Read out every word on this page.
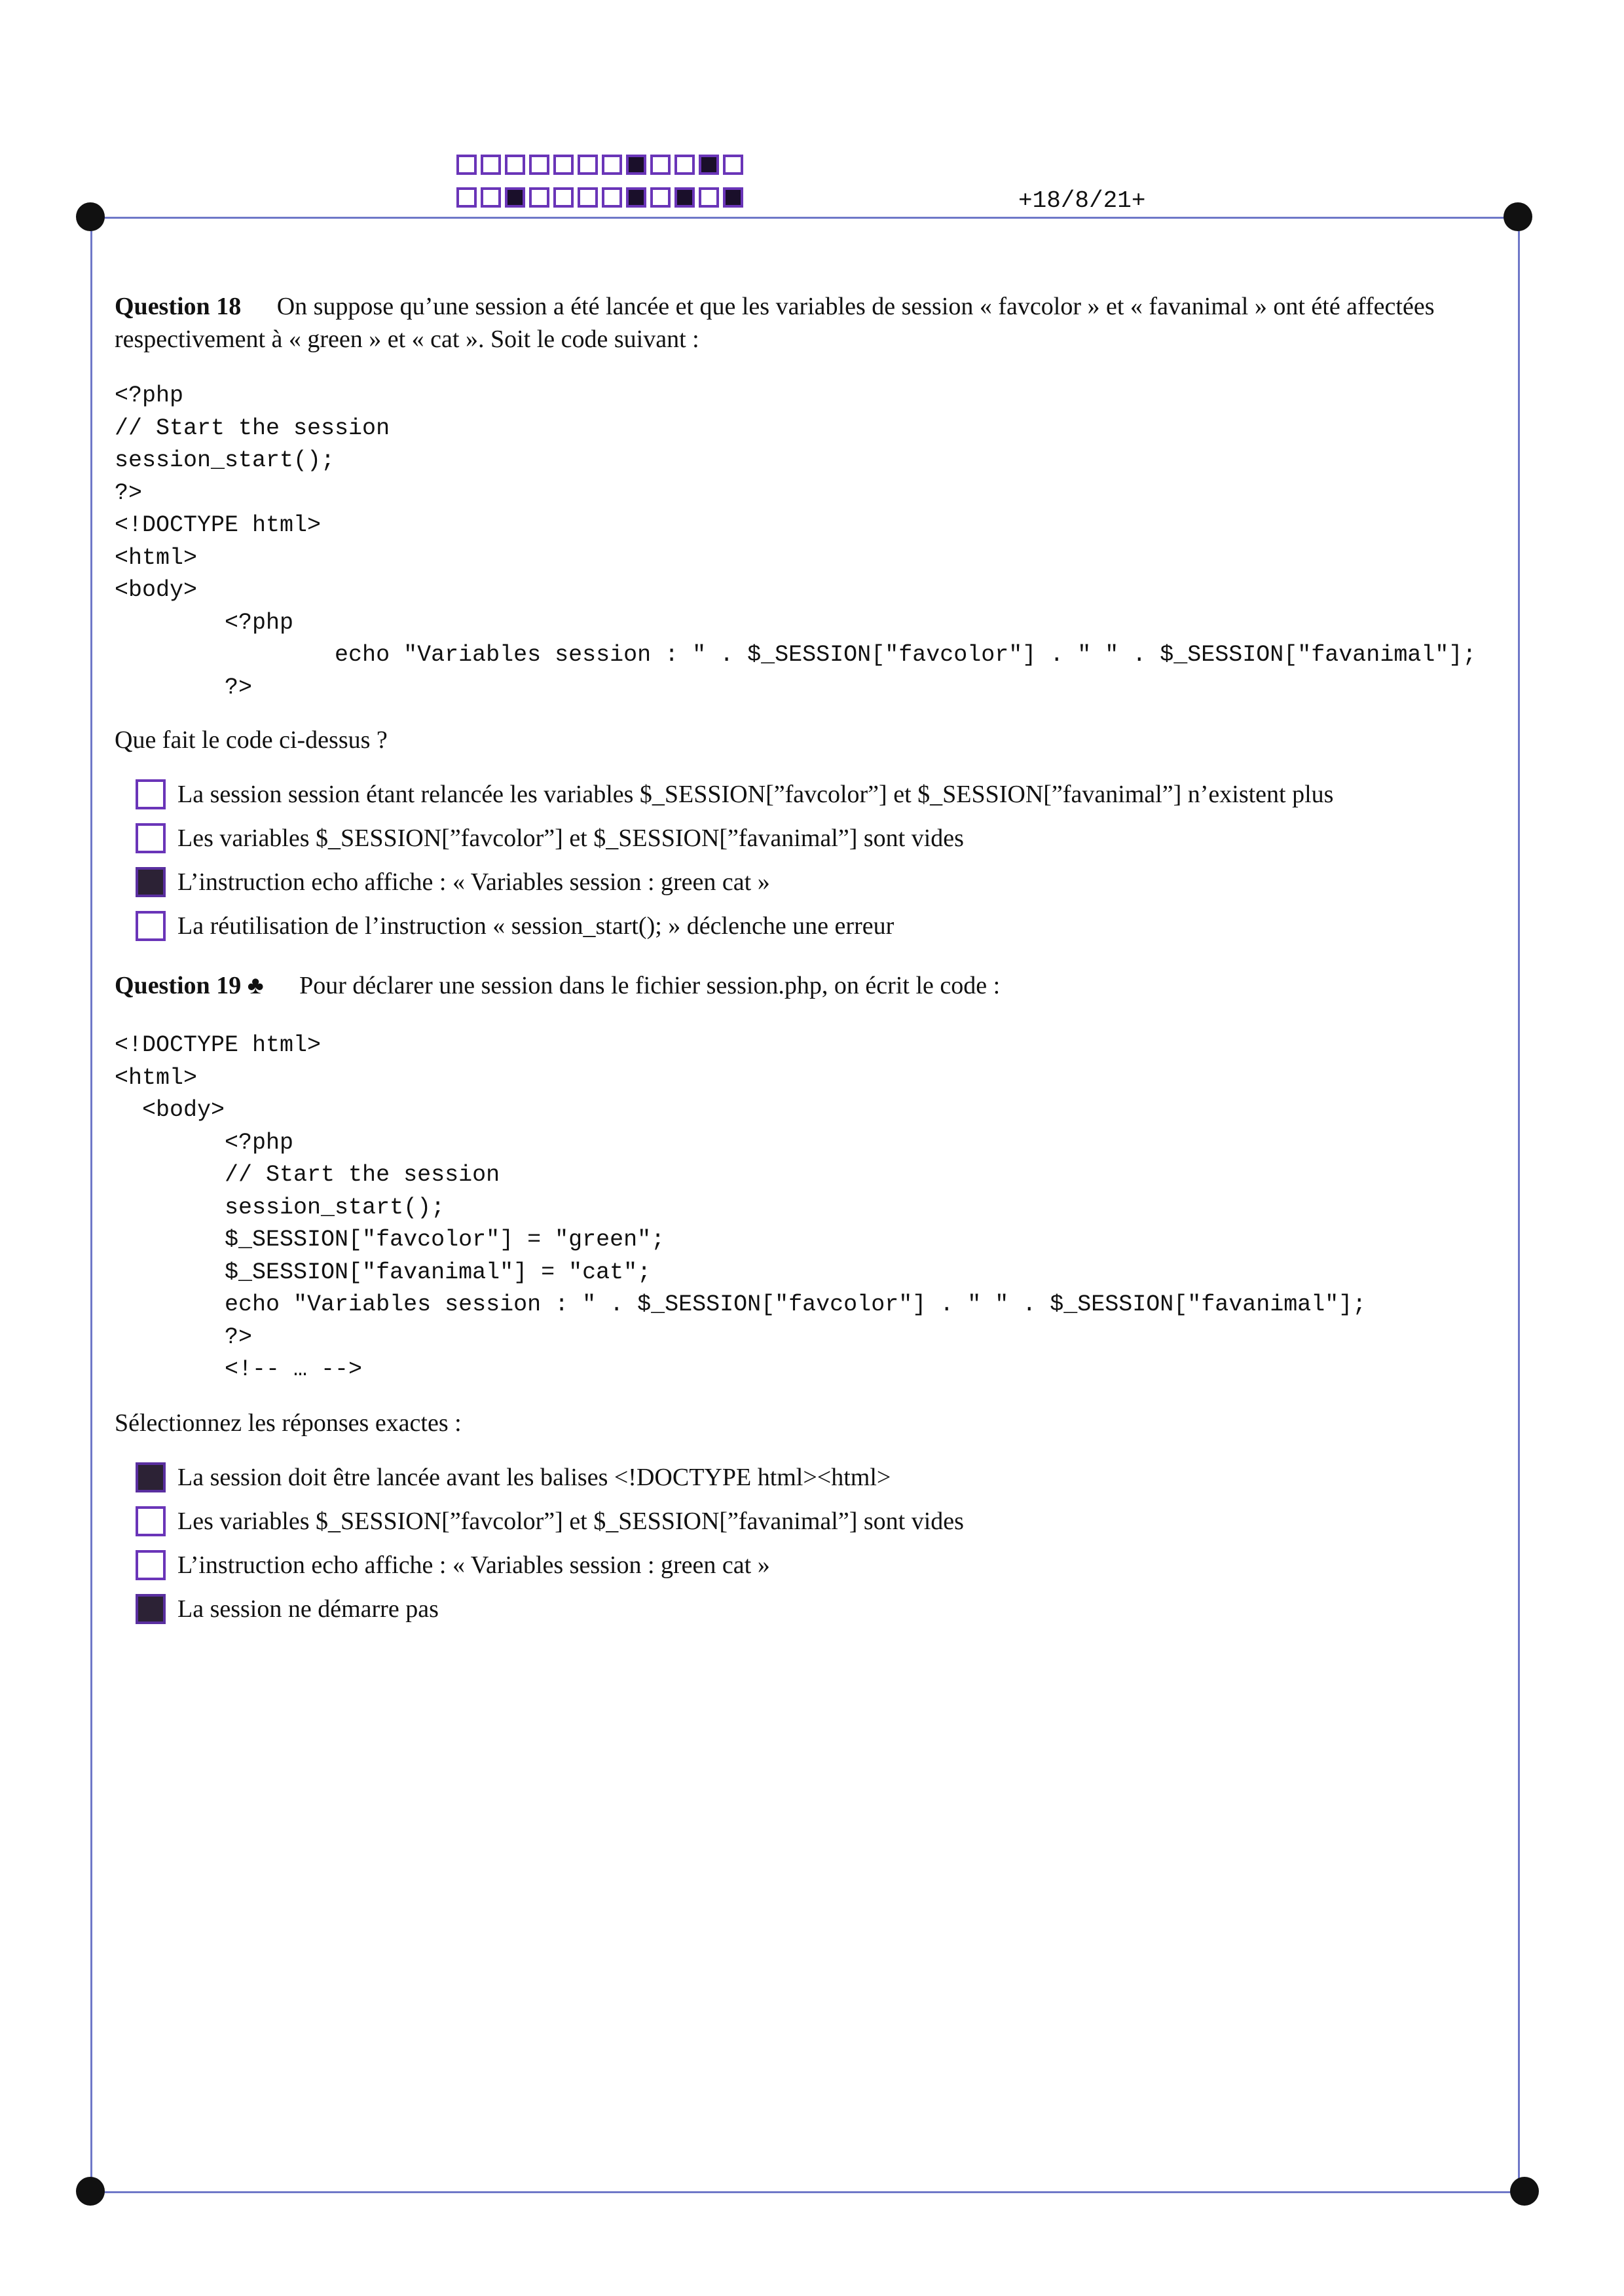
+18/8/21+

Question 18 On suppose qu’une session a été lancée et que les variables de session « favcolor » et « favanimal » ont été affectées respectivement à « green » et « cat ». Soit le code suivant :

<?php
// Start the session
session_start();
?>
<!DOCTYPE html>
<html>
<body>
<?php
echo "Variables session : " . $_SESSION["favcolor"] . " " . $_SESSION["favanimal"];
?>

Que fait le code ci-dessus ?

La session session étant relancée les variables $_SESSION[”favcolor”] et $_SESSION[”favanimal”] n’existent plus
Les variables $_SESSION[”favcolor”] et $_SESSION[”favanimal”] sont vides
L’instruction echo affiche : « Variables session : green cat »
La réutilisation de l’instruction « session_start(); » déclenche une erreur

Question 19 ♣ Pour déclarer une session dans le fichier session.php, on écrit le code :

<!DOCTYPE html>
<html>
<body>
<?php
// Start the session
session_start();
$_SESSION["favcolor"] = "green";
$_SESSION["favanimal"] = "cat";
echo "Variables session : " . $_SESSION["favcolor"] . " " . $_SESSION["favanimal"];
?>
<!-- … -->

Sélectionnez les réponses exactes :

La session doit être lancée avant les balises <!DOCTYPE html><html>
Les variables $_SESSION[”favcolor”] et $_SESSION[”favanimal”] sont vides
L’instruction echo affiche : « Variables session : green cat »
La session ne démarre pas
